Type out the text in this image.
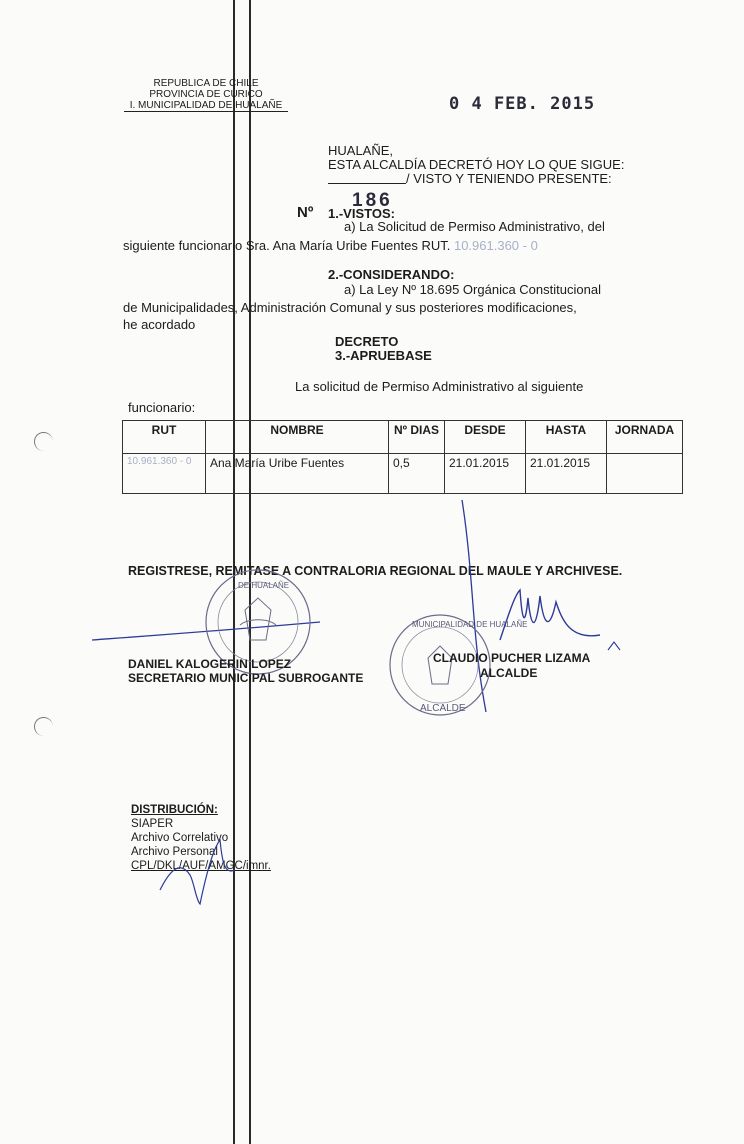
REPUBLICA DE CHILE
PROVINCIA DE CURICO
I. MUNICIPALIDAD DE HUALAÑE	0 4 FEB. 2015
HUALAÑE,
ESTA ALCALDÍA DECRETÓ HOY LO QUE SIGUE:
/ VISTO Y TENIENDO PRESENTE:
Nº
186
1.-VISTOS:
a) La Solicitud de Permiso Administrativo, del
siguiente funcionario Sra. Ana María Uribe Fuentes RUT. 10.961.360 - 0
2.-CONSIDERANDO:
a) La Ley Nº 18.695 Orgánica Constitucional
de Municipalidades, Administración Comunal y sus posteriores modificaciones,
he acordado
DECRETO
3.-APRUEBASE
La solicitud de Permiso Administrativo al siguiente
funcionario:
RUT	NOMBRE	Nº DIAS	DESDE	HASTA	JORNADA
10.961.360 - 0	Ana María Uribe Fuentes	0,5	21.01.2015	21.01.2015	
REGISTRESE, REMITASE A CONTRALORIA REGIONAL DEL MAULE Y ARCHIVESE.
DE HUALAÑE
MUNICIPALIDAD DE HUALAÑE
ALCALDE
DANIEL KALOGERIN LOPEZ
SECRETARIO MUNICIPAL SUBROGANTE
CLAUDIO PUCHER LIZAMA
ALCALDE
DISTRIBUCIÓN:
SIAPER
Archivo Correlativo
Archivo Personal
CPL/DKL/AUF/AMGC/imnr.
